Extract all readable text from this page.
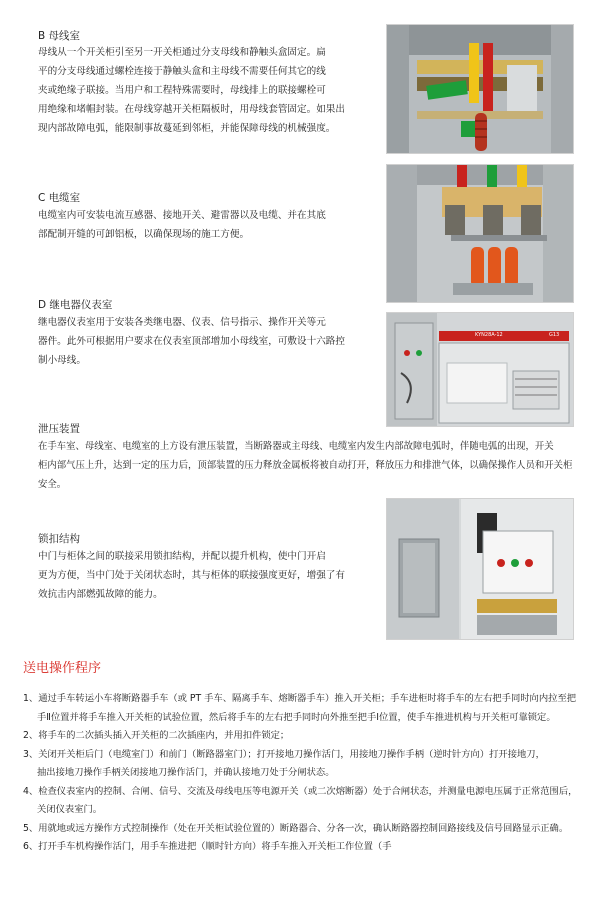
B 母线室
母线从一个开关柜引至另一开关柜通过分支母线和静触头盒固定。扁
平的分支母线通过螺栓连接于静触头盒和主母线不需要任何其它的线
夹或绝缘子联接。当用户和工程特殊需要时，母线排上的联接螺栓可
用绝缘和堵帽封装。在母线穿越开关柜隔板时，用母线套管固定。如果出
现内部故障电弧，能限制事故蔓延到邻柜，并能保障母线的机械强度。
C 电缆室
电缆室内可安装电流互感器、接地开关、避雷器以及电缆、并在其底
部配制开缝的可卸铝板，以确保现场的施工方便。
D 继电器仪表室
继电器仪表室用于安装各类继电器、仪表、信号指示、操作开关等元
器件。此外可根据用户要求在仪表室顶部增加小母线室，可敷设十六路控
制小母线。
KYN28A-12	G13
泄压装置
在手车室、母线室、电缆室的上方设有泄压装置，当断路器或主母线、电缆室内发生内部故障电弧时，伴随电弧的出现，开关
柜内部气压上升，达到一定的压力后，顶部装置的压力释放金属板将被自动打开，释放压力和排泄气体，以确保操作人员和开关柜
安全。
锁扣结构
中门与柜体之间的联接采用锁扣结构，并配以提升机构，使中门开启
更为方便，当中门处于关闭状态时，其与柜体的联接强度更好，增强了有
效抗击内部燃弧故障的能力。
送电操作程序
1、通过手车转运小车将断路器手车（或 PT 手车、隔离手车、熔断器手车）推入开关柜；手车进柜时将手车的左右把手同时向内拉至把
手Ⅱ位置并将手车推入开关柜的试验位置，然后将手车的左右把手同时向外推至把手Ⅰ位置，使手车推进机构与开关柜可靠锁定。
2、将手车的二次插头插入开关柜的二次插座内，并用扣件锁定；
3、关闭开关柜后门（电缆室门）和前门（断路器室门）；打开接地刀操作活门，用接地刀操作手柄（逆时针方向）打开接地刀，
抽出接地刀操作手柄关闭接地刀操作活门，并确认接地刀处于分闸状态。
4、检查仪表室内的控制、合闸、信号、交流及母线电压等电源开关（或二次熔断器）处于合闸状态，并测量电源电压属于正常范围后，
关闭仪表室门。
5、用就地或远方操作方式控制操作（处在开关柜试验位置的）断路器合、分各一次，确认断路器控制回路接线及信号回路显示正确。
6、打开手车机构操作活门，用手车推进把（顺时针方向）将手车推入开关柜工作位置（手
